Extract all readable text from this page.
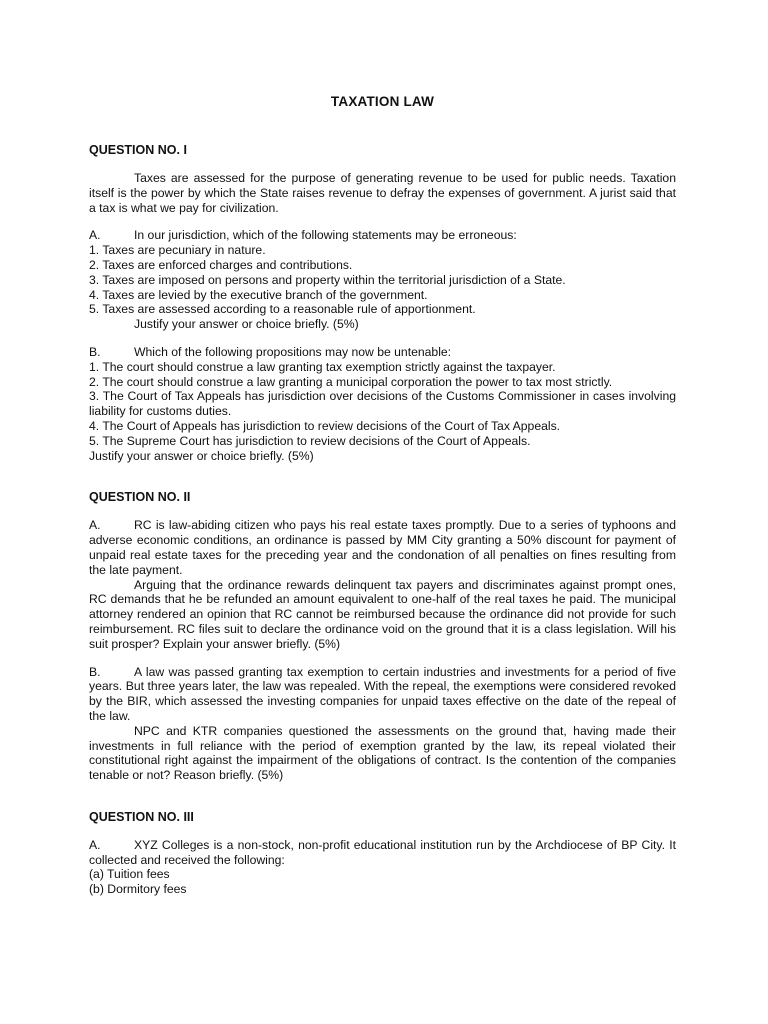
TAXATION LAW
QUESTION NO. I

Taxes are assessed for the purpose of generating revenue to be used for public needs. Taxation itself is the power by which the State raises revenue to defray the expenses of government. A jurist said that a tax is what we pay for civilization.

A.	In our jurisdiction, which of the following statements may be erroneous:

1. Taxes are pecuniary in nature.

2. Taxes are enforced charges and contributions.

3. Taxes are imposed on persons and property within the territorial jurisdiction of a State.

4. Taxes are levied by the executive branch of the government.

5. Taxes are assessed according to a reasonable rule of apportionment.

Justify your answer or choice briefly. (5%)

B.	Which of the following propositions may now be untenable:

1. The court should construe a law granting tax exemption strictly against the taxpayer.

2. The court should construe a law granting a municipal corporation the power to tax most strictly.

3. The Court of Tax Appeals has jurisdiction over decisions of the Customs Commissioner in cases involving liability for customs duties.

4. The Court of Appeals has jurisdiction to review decisions of the Court of Tax Appeals.

5. The Supreme Court has jurisdiction to review decisions of the Court of Appeals.

Justify your answer or choice briefly. (5%)

QUESTION NO. II

A.	RC is law-abiding citizen who pays his real estate taxes promptly. Due to a series of typhoons and adverse economic conditions, an ordinance is passed by MM City granting a 50% discount for payment of unpaid real estate taxes for the preceding year and the condonation of all penalties on fines resulting from the late payment.

Arguing that the ordinance rewards delinquent tax payers and discriminates against prompt ones, RC demands that he be refunded an amount equivalent to one-half of the real taxes he paid. The municipal attorney rendered an opinion that RC cannot be reimbursed because the ordinance did not provide for such reimbursement. RC files suit to declare the ordinance void on the ground that it is a class legislation. Will his suit prosper? Explain your answer briefly. (5%)

B.	A law was passed granting tax exemption to certain industries and investments for a period of five years. But three years later, the law was repealed. With the repeal, the exemptions were considered revoked by the BIR, which assessed the investing companies for unpaid taxes effective on the date of the repeal of the law.

NPC and KTR companies questioned the assessments on the ground that, having made their investments in full reliance with the period of exemption granted by the law, its repeal violated their constitutional right against the impairment of the obligations of contract. Is the contention of the companies tenable or not? Reason briefly. (5%)

QUESTION NO. III

A.	XYZ Colleges is a non-stock, non-profit educational institution run by the Archdiocese of BP City. It collected and received the following:

(a) Tuition fees

(b) Dormitory fees
